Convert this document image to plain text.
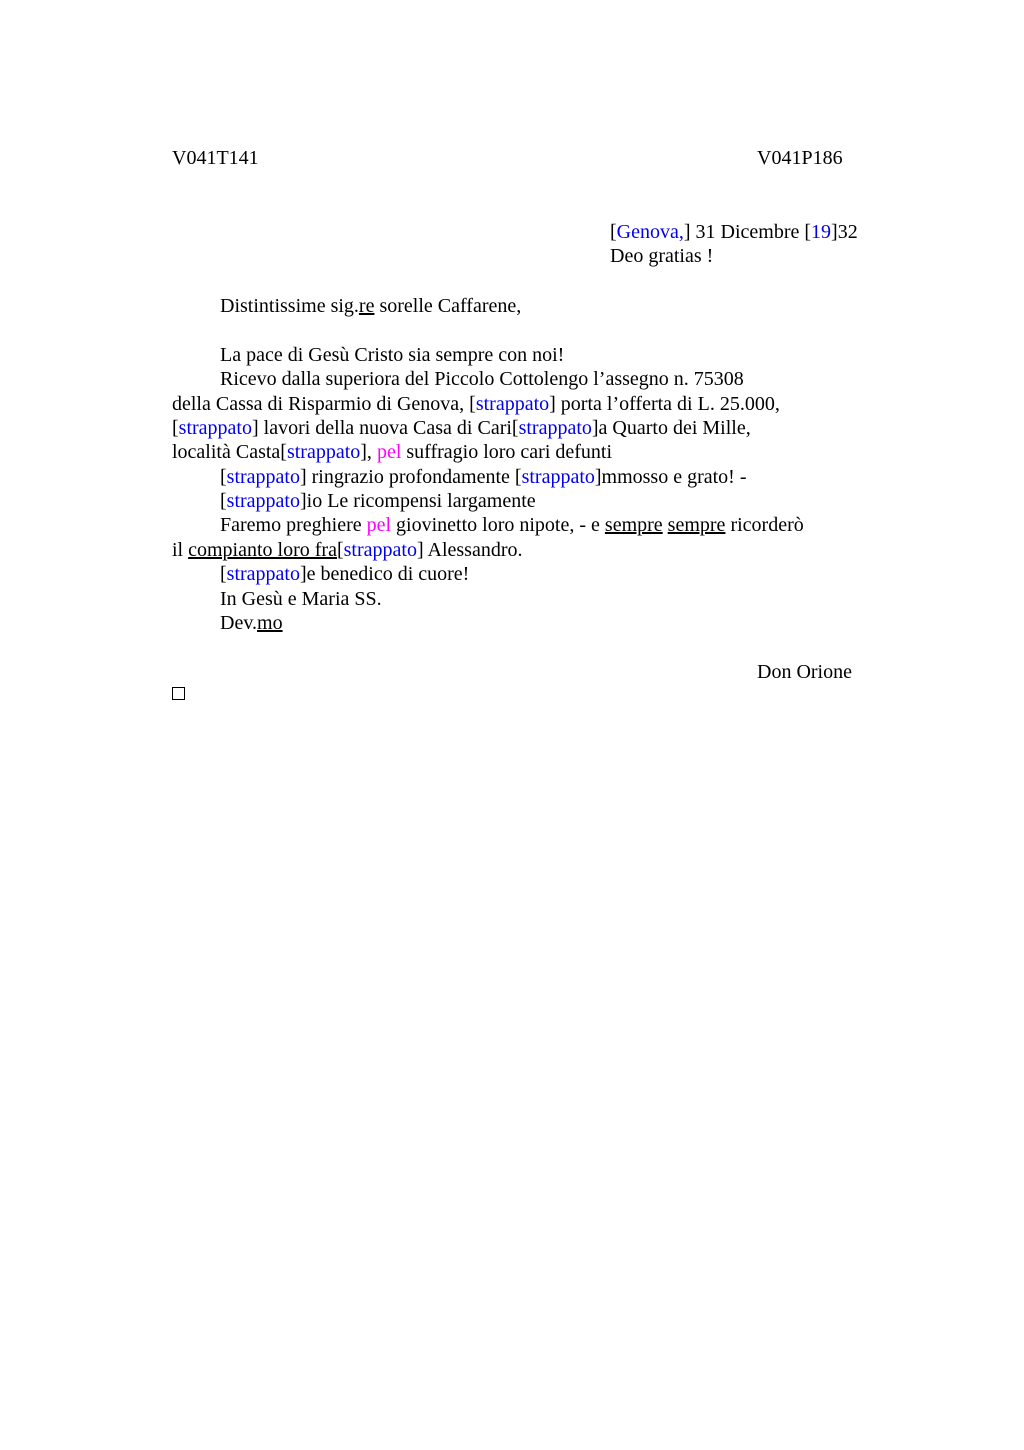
V041T141	V041P186
[Genova,] 31 Dicembre [19]32
Deo gratias !
Distintissime sig.re sorelle Caffarene,
La pace di Gesù Cristo sia sempre con noi!
Ricevo dalla superiora del Piccolo Cottolengo l’assegno n. 75308
della Cassa di Risparmio di Genova, [strappato] porta l’offerta di L. 25.000,
[strappato] lavori della nuova Casa di Cari[strappato]a Quarto dei Mille,
località Casta[strappato], pel suffragio loro cari defunti
[strappato] ringrazio profondamente [strappato]mmosso e grato! -
[strappato]io Le ricompensi largamente
Faremo preghiere pel giovinetto loro nipote, - e sempre sempre ricorderò
il compianto loro fra[strappato] Alessandro.
[strappato]e benedico di cuore!
In Gesù e Maria SS.
Dev.mo
Don Orione
